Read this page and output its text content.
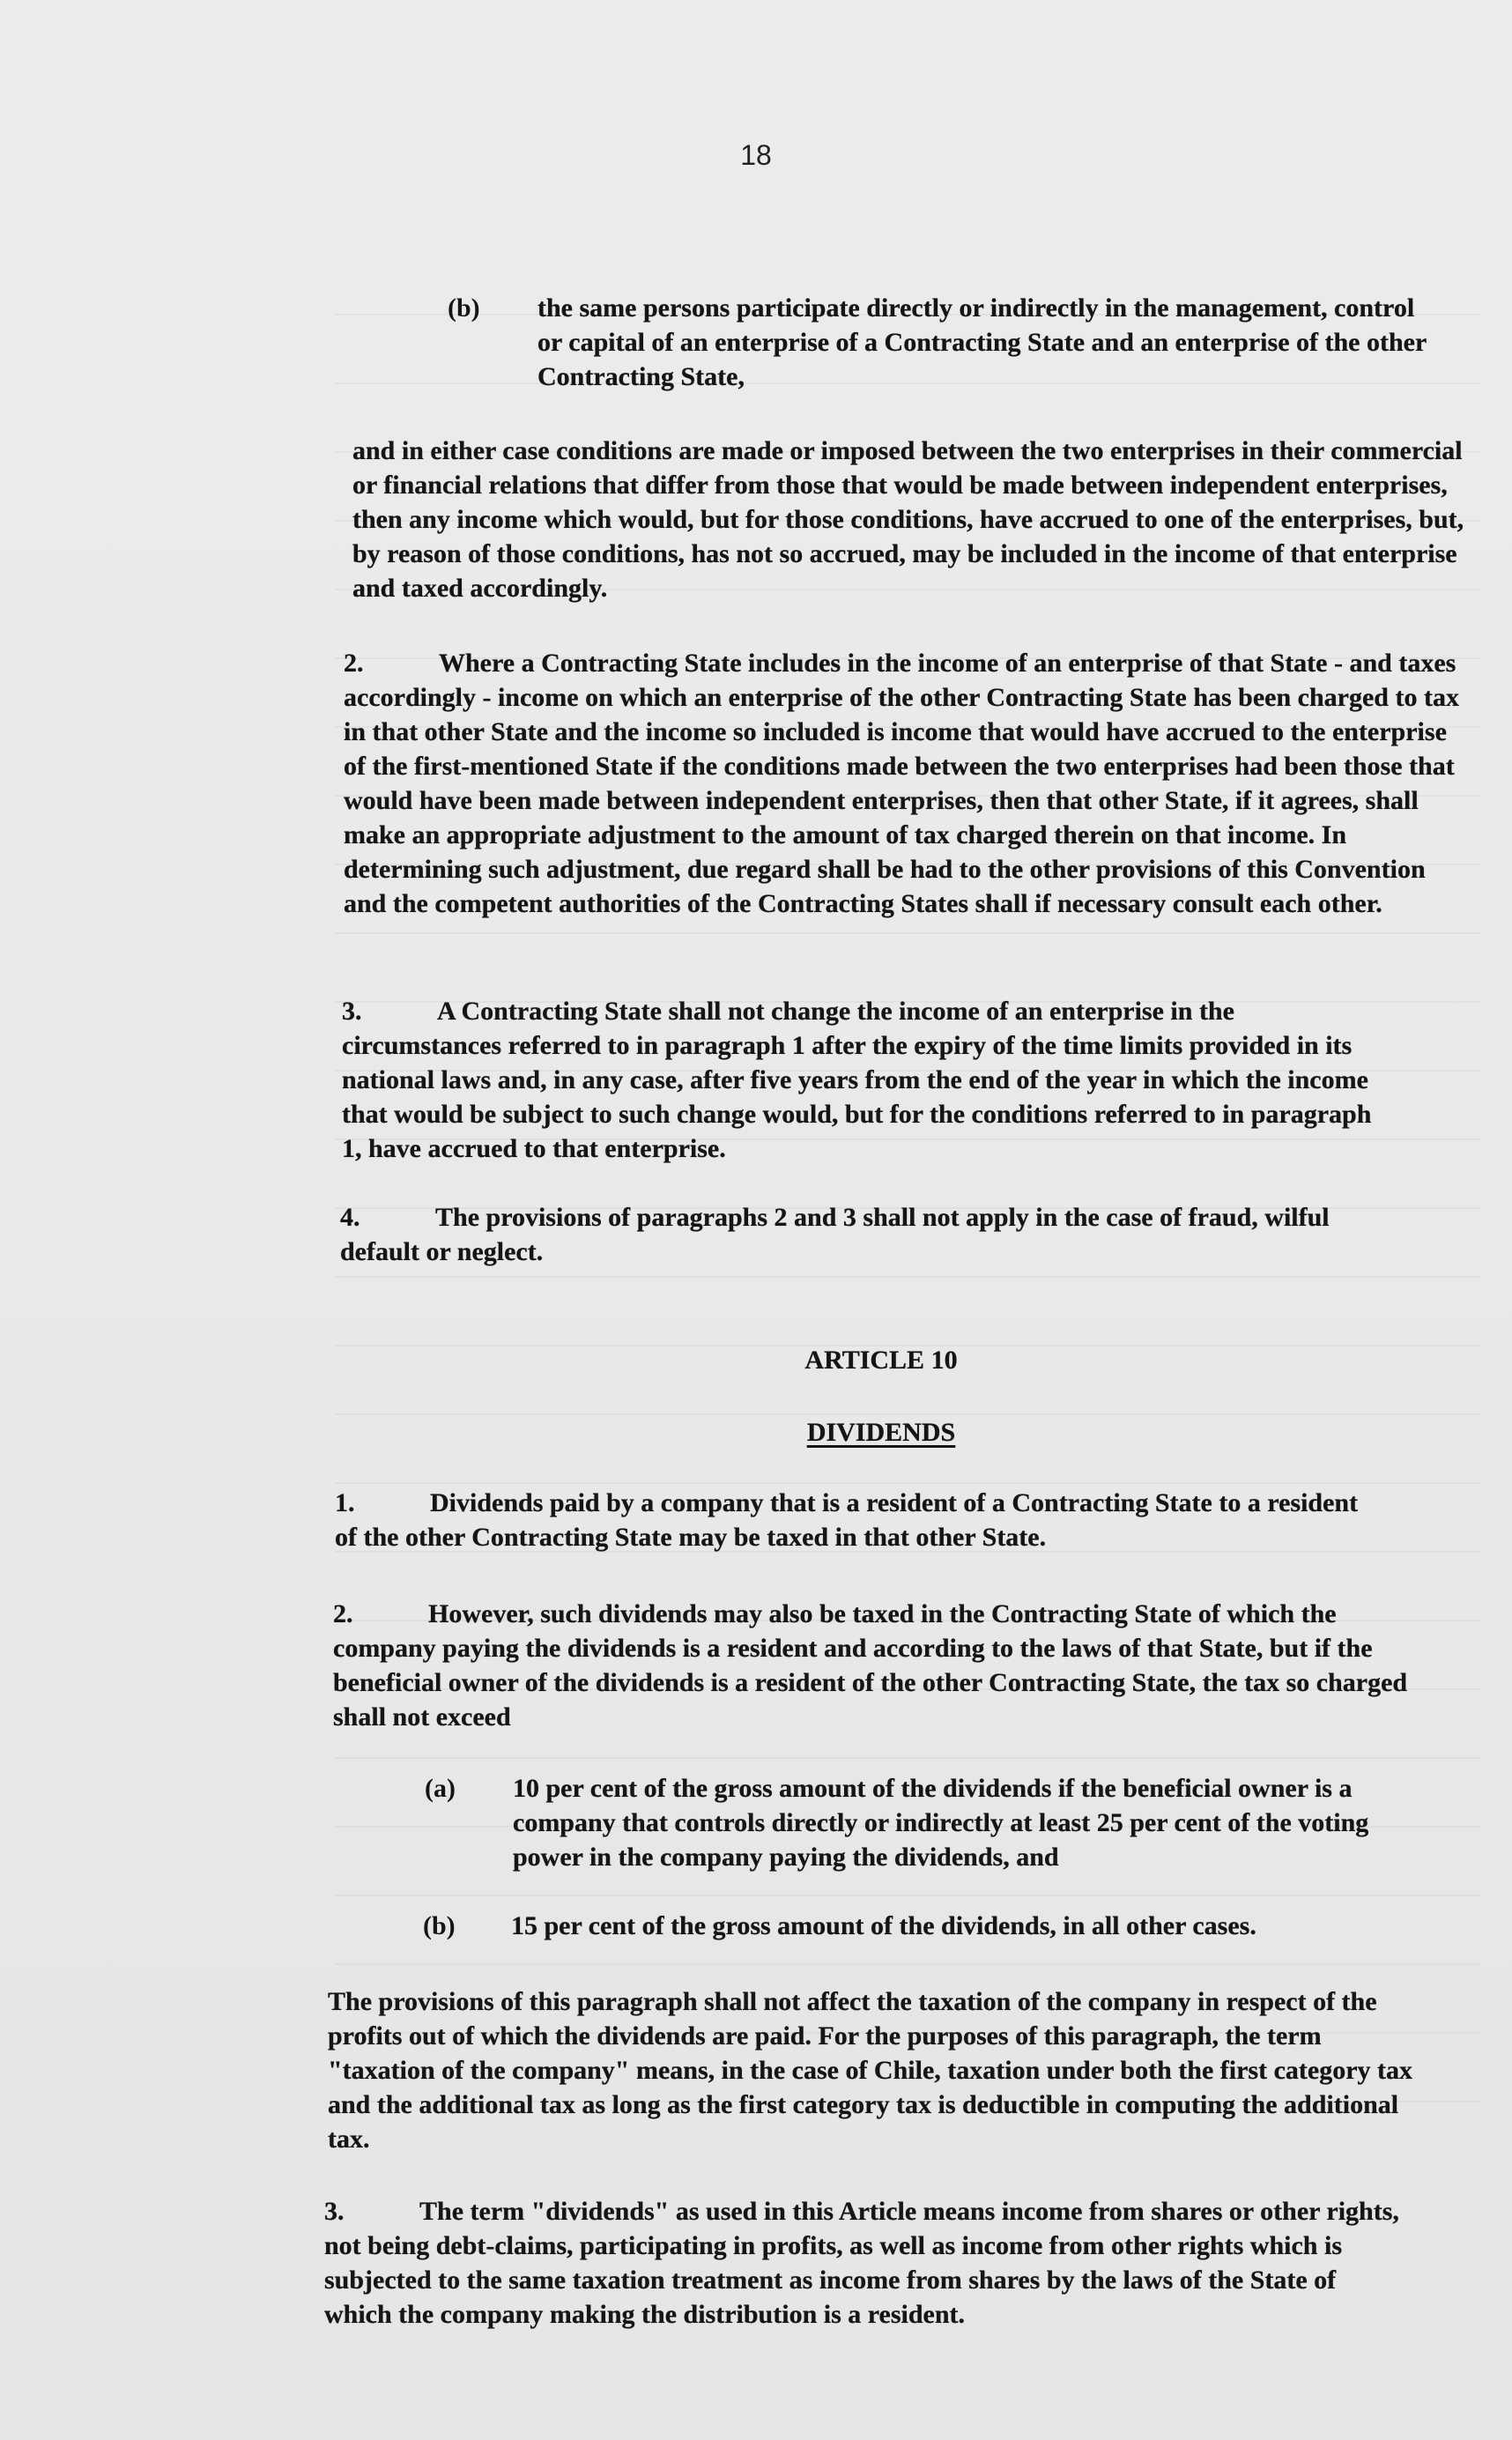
18
(b) the same persons participate directly or indirectly in the management, control or capital of an enterprise of a Contracting State and an enterprise of the other Contracting State,

and in either case conditions are made or imposed between the two enterprises in their commercial or financial relations that differ from those that would be made between independent enterprises, then any income which would, but for those conditions, have accrued to one of the enterprises, but, by reason of those conditions, has not so accrued, may be included in the income of that enterprise and taxed accordingly.

2.	Where a Contracting State includes in the income of an enterprise of that State - and taxes accordingly - income on which an enterprise of the other Contracting State has been charged to tax in that other State and the income so included is income that would have accrued to the enterprise of the first-mentioned State if the conditions made between the two enterprises had been those that would have been made between independent enterprises, then that other State, if it agrees, shall make an appropriate adjustment to the amount of tax charged therein on that income. In determining such adjustment, due regard shall be had to the other provisions of this Convention and the competent authorities of the Contracting States shall if necessary consult each other.

3.	A Contracting State shall not change the income of an enterprise in the circumstances referred to in paragraph 1 after the expiry of the time limits provided in its national laws and, in any case, after five years from the end of the year in which the income that would be subject to such change would, but for the conditions referred to in paragraph 1, have accrued to that enterprise.

4.	The provisions of paragraphs 2 and 3 shall not apply in the case of fraud, wilful default or neglect.

ARTICLE 10
DIVIDENDS

1.	Dividends paid by a company that is a resident of a Contracting State to a resident of the other Contracting State may be taxed in that other State.

2.	However, such dividends may also be taxed in the Contracting State of which the company paying the dividends is a resident and according to the laws of that State, but if the beneficial owner of the dividends is a resident of the other Contracting State, the tax so charged shall not exceed

(a) 10 per cent of the gross amount of the dividends if the beneficial owner is a company that controls directly or indirectly at least 25 per cent of the voting power in the company paying the dividends, and

(b) 15 per cent of the gross amount of the dividends, in all other cases.

The provisions of this paragraph shall not affect the taxation of the company in respect of the profits out of which the dividends are paid. For the purposes of this paragraph, the term "taxation of the company" means, in the case of Chile, taxation under both the first category tax and the additional tax as long as the first category tax is deductible in computing the additional tax.

3.	The term "dividends" as used in this Article means income from shares or other rights, not being debt-claims, participating in profits, as well as income from other rights which is subjected to the same taxation treatment as income from shares by the laws of the State of which the company making the distribution is a resident.
